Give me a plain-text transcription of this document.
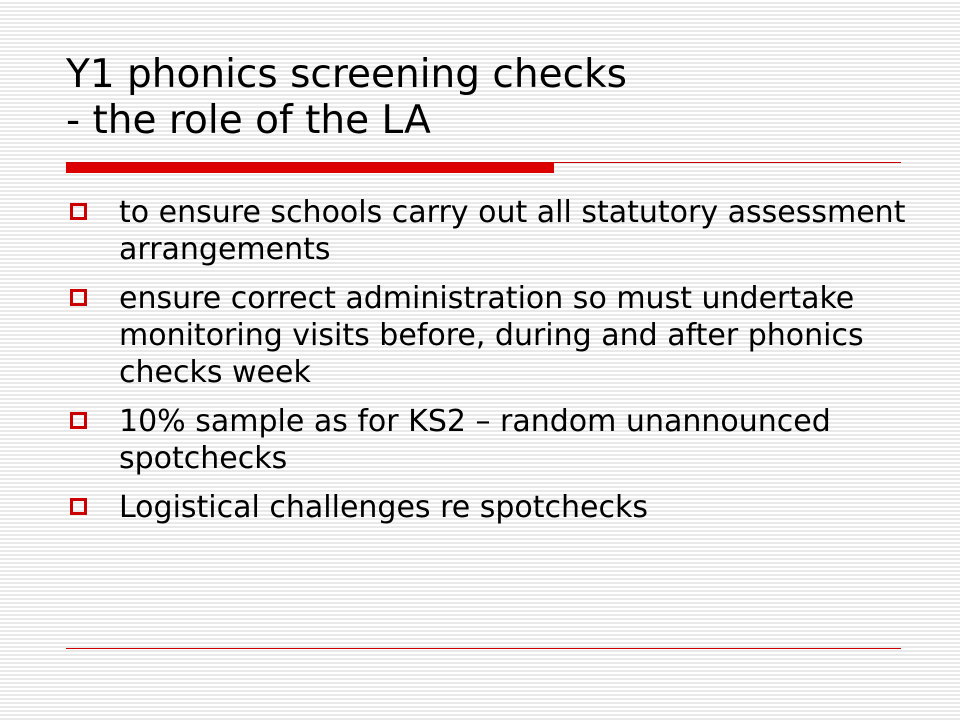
Y1 phonics screening checks
- the role of the LA
to ensure schools carry out all statutory assessment arrangements
ensure correct administration so must undertake monitoring visits before, during and after phonics checks week
10% sample as for KS2 – random unannounced spotchecks
Logistical challenges re spotchecks
